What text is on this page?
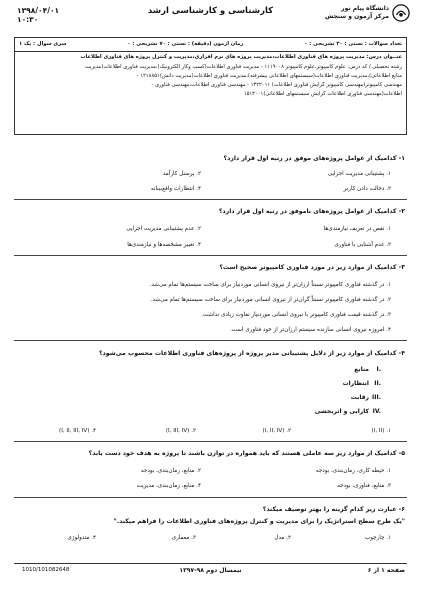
۱۳۹۸/۰۴/۰۱
۱۰:۳۰
کارشناسی و کارشناسی ارشد	دانشگاه پیام نور
مرکز آزمون و سنجش
تعداد سوالات : تستی : ۳۰ تشریحی : ۰
زمان آزمون (دقیقه) : تستی : ۷۰ تشریحی : ۰
سری سوال : یک ۱
عنــوان درس: مدیریت پروژه های فناوری اطلاعات،مدیریت پروژه های نرم افزاری،مدیریت و کنترل پروژه های فناوری اطلاعات
رشته تحصیلی / کد درس: علوم کامپیوتر،علوم کامپیوتر ۱۱۱۹۰۰۸ - مدیریت فناوری اطلاعات(کسب وکار الکترونیک)،مدیریت فناوری اطلاعات(مدیریت
منابع اطلاعاتی)،مدیریت فناوری اطلاعات(سیستمهای اطلاعاتی پیشرفته)،مدیریت فناوری اطلاعات(مدیریت دانش)۱۲۱۸۸۵۱ -
مهندسی کامپیوتر(مهندسی کامپیوتر گرایش فناوری اطلاعات) ۱۳۲۲۰۱۱ - مهندسی فناوری اطلاعات،مهندسی فناوری -
اطلاعات(مهندسی فناوری اطلاعات گرایش سیستمهای اطلاعاتی)۱۵۱۳۰۰۱
۱- کدامیک از عوامل پروژه‌های موفق در رتبه اول قرار دارد؟
۱. پشتیبانی مدیریت اجرایی
۲. پرسنل کارآمد
۳. دخالت دادن کاربر
۴. انتظارات واقع‌بینانه
۲- کدامیک از عوامل پروژه‌های ناموفق در رتبه اول قرار دارد؟
۱. نقص در تعریف نیازمندی‌ها
۲. عدم پشتیبانی مدیریت اجرایی
۳. عدم آشنایی با فناوری
۴. تغییر مشخصه‌ها و نیازمندی‌ها
۳- کدامیک از موارد زیر در مورد فناوری کامپیوتر صحیح است؟
۱. در گذشته فناوری کامپیوتر نسبتاً ارزان‌تر از نیروی انسانی موردنیاز برای ساخت سیستم‌ها تمام می‌شد.
۲. در گذشته فناوری کامپیوتر نسبتاً گران‌تر از نیروی انسانی موردنیاز برای ساخت سیستم‌ها تمام می‌شد.
۳. در گذشته قیمت فناوری کامپیوتر با نیروی انسانی موردنیاز تفاوت زیادی نداشت.
۴. امروزه نیروی انسانی سازنده سیستم ارزان‌تر از خود فناوری است.
۴- کدامیک از موارد زیر از دلایل پشتیبانی مدیر پروژه از پروژه‌های فناوری اطلاعات محسوب می‌شود؟
منابع I.
انتظارات II.
رقابت III.
کارایی و اثربخشی IV.
۱. (I, II)
۲. (I, II, IV)
۳. (I, III, IV)
۴. (I, II, III, IV)
۵- کدامیک از موارد زیر سه عاملی هستند که باید همواره در توازن باشند تا پروژه به هدف خود دست یابد؟
۱. حیطه کاری، زمان‌بندی، بودجه
۲. منابع، زمان‌بندی، بودجه
۳. منابع، فناوری، بودجه
۴. منابع، زمان‌بندی، مدیریت
۶- عبارت زیر کدام گزینه را بهتر توصیف میکند؟
"یک طرح سطح استراتژیک را برای مدیریت و کنترل پروژه‌های فناوری اطلاعات را فراهم میکند."
۱. چارچوب
۲. مدل
۳. معماری
۴. متدولوژی
صفحه ۱ از ۶
نیمسال دوم ۹۸-۱۳۹۷
1010/101082648
